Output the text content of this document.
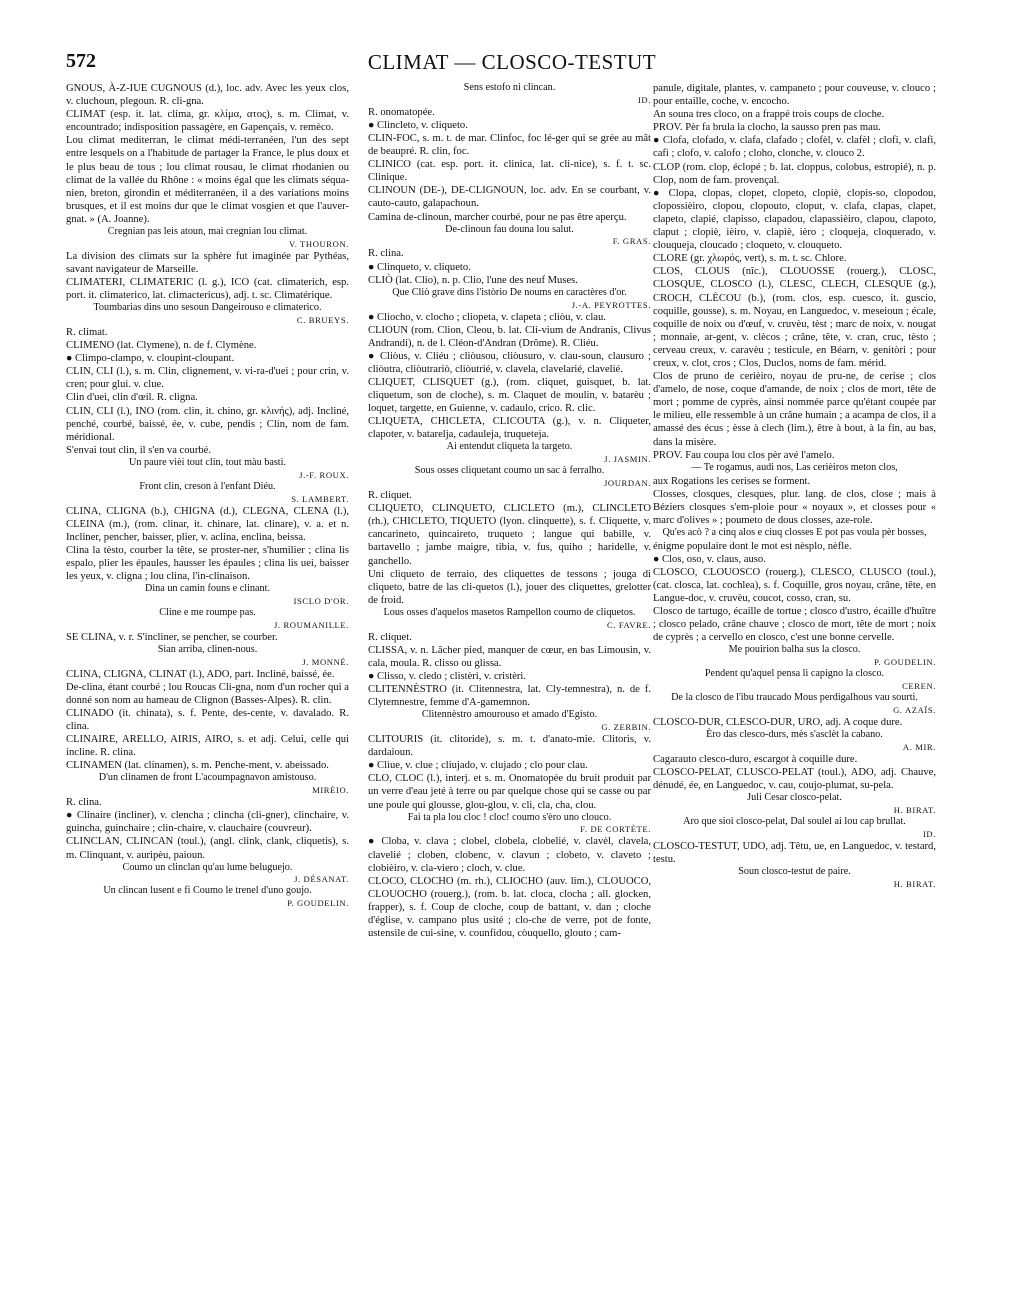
572	CLIMAT — CLOSCO-TESTUT

GNOUS, À-Z-IUE CUGNOUS (d.), loc. adv. Avec les yeux clos, v. cluchoun, plegoun. R. cli-gna.

CLIMAT (esp. it. lat. clima, gr. κλίμα, ατος), s. m. Climat, v. encountrado; indisposition passagère, en Gapençais, v. remèco.

Lou climat mediterran, le climat médi-terranéen, l'un des sept entre lesquels on a l'habitude de partager la France, le plus doux et le plus beau de tous ; lou climat rousau, le climat rhodanien ou climat de la vallée du Rhône : « moins égal que les climats séqua-nien, breton, girondin et méditerranéen, il a des variations moins brusques, et il est moins dur que le climat vosgien et que l'auver-gnat. » (A. Joanne).

Cregnian pas leis atoun, mai cregnian lou climat.

V. THOURON.

La division des climats sur la sphère fut imaginée par Pythéas, savant navigateur de Marseille.

CLIMATERI, CLIMATERIC (l. g.), ICO (cat. climaterich, esp. port. it. climaterico, lat. climactericus), adj. t. sc. Climatérique.

Toumbarias dins uno sesoun Dangeirouso e climaterico.

C. BRUEYS.

R. climat.

CLIMENO (lat. Clymene), n. de f. Clymène.

● Climpo-clampo, v. cloupint-cloupant.

CLIN, CLI (l.), s. m. Clin, clignement, v. vi-ra-d'uei ; pour crin, v. cren; pour glui. v. clue.

Clin d'uei, clin d'œil. R. cligna.

CLIN, CLI (l.), INO (rom. clin, it. chino, gr. κλινής), adj. Incliné, penché, courbé, baissé, ée, v. cube, pendis ; Clin, nom de fam. méridional.

S'envai tout clin, il s'en va courbé.

Un paure vièi tout clin, tout màu basti.

J.-F. ROUX.

Front clin, creson à l'enfant Diéu.

S. LAMBERT.

CLINA, CLIGNA (b.), CHIGNA (d.), CLEGNA, CLENA (l.), CLEINA (m.), (rom. clinar, it. chinare, lat. clinare), v. a. et n. Incliner, pencher, baisser, plier, v. aclina, enclina, beissa.

Clina la tèsto, courber la tête, se proster-ner, s'humilier ; clina lis espalo, plier les épaules, hausser les épaules ; clina lis uei, baisser les yeux, v. cligna ; lou clina, l'in-clinaison.

Dina un camin founs e clinant.

ISCLO D'OR.

Cline e me roumpe pas.

J. ROUMANILLE.

SE CLINA, v. r. S'incliner, se pencher, se courber.

Sian arriba, clinen-nous.

J. MONNÉ.

CLINA, CLIGNA, CLINAT (l.), ADO, part. Incliné, baissé, ée.

De-clina, étant courbé ; lou Roucas Cli-gna, nom d'un rocher qui a donné son nom au hameau de Clignon (Basses-Alpes). R. clin.

CLINADO (it. chinata), s. f. Pente, des-cente, v. davalado. R. clina.

CLINAIRE, ARELLO, AIRIS, AIRO, s. et adj. Celui, celle qui incline. R. clina.

CLINAMEN (lat. clinamen), s. m. Penche-ment, v. abeissado.

D'un clinamen de front L'acoumpagnavon amistouso.

MIRÈIO.

R. clina.

● Clinaire (incliner), v. clencha ; clincha (cli-gner), clinchaire, v. guincha, guinchaire ; clin-chaire, v. clauchaire (couvreur).

CLINCLAN, CLINCAN (toul.), (angl. clink, clank, cliquetis), s. m. Clinquant, v. auripèu, paioun.

Coumo un clinclan qu'au lume beluguejo.

J. DÉSANAT.

Un clincan lusent e fi Coumo le trenel d'uno goujo.

P. GOUDELIN.

Sens estofo ni clincan.

ID.

R. onomatopée.

● Clincleto, v. cliqueto.

CLIN-FOC, s. m. t. de mar. Clinfoc, foc lé-ger qui se grée au mât de beaupré. R. clin, foc.

CLINICO (cat. esp. port. it. clinica, lat. cli-nice), s. f. t. sc. Clinique.

CLINOUN (DE-), DE-CLIGNOUN, loc. adv. En se courbant, v. cauto-cauto, galapachoun.

Camina de-clinoun, marcher courbé, pour ne pas être aperçu.

De-clinoun fau douna lou salut.

F. GRAS.

R. clina.

● Clinqueto, v. cliqueto.

CLIÒ (lat. Clio), n. p. Clio, l'une des neuf Muses.

Que Cliò grave dins l'istòrio De noums en caractères d'or.

J.-A. PEYROTTES.

● Cliocho, v. clocho ; cliopeta, v. clapeta ; cliòu, v. clau.

CLIOUN (rom. Clion, Cleou, b. lat. Cli-vium de Andranis, Clivus Andrandi), n. de l. Cléon-d'Andran (Drôme). R. Cliéu.

● Cliòus, v. Cliéu ; cliòusou, cliòusuro, v. clau-soun, clausuro ; cliòutra, cliòutrariò, cliòutrié, v. clavela, clavelarié, clavelié.

CLIQUET, CLISQUET (g.), (rom. cliquet, guisquet, b. lat. cliquetum, son de cloche), s. m. Claquet de moulin, v. batarèu ; loquet, targette, en Guienne, v. cadaulo, crico. R. clic.

CLIQUETA, CHICLETA, CLICOUTA (g.), v. n. Cliqueter, clapoter, v. batarelja, cadauleja, truqueteja.

Ai entendut cliqueta la targeto.

J. JASMIN.

Sous osses cliquetant coumo un sac à ferralho.

JOURDAN.

R. cliquet.

CLIQUETO, CLINQUETO, CLICLETO (m.), CLINCLETO (rh.), CHICLETO, TIQUETO (lyon. clinquette), s. f. Cliquette, v. cancarineto, quincaireto, truqueto ; langue qui babille, v. bartavello ; jambe maigre, tibia, v. fus, quiho ; haridelle, v. ganchello.

Uni cliqueto de terraio, des cliquettes de tessons ; jouga di cliqueto, batre de las cli-quetos (l.), jouer des cliquettes, grelotter de froid.

Lous osses d'aquelos masetos Rampellon coumo de cliquetos.

C. FAVRE.

R. cliquet.

CLISSA, v. n. Lâcher pied, manquer de cœur, en bas Limousin, v. cala, moula. R. clisso ou glissa.

● Clisso, v. cledo ; clistèri, v. cristèri.

CLITENNÈSTRO (it. Clitennestra, lat. Cly-temnestra), n. de f. Clytemnestre, femme d'A-gamemnon.

Clitennèstro amourouso et amado d'Egisto.

G. ZERBIN.

CLITOURIS (it. clitoride), s. m. t. d'anato-mie. Clitoris, v. dardaioun.

● Cliue, v. clue ; cliujado, v. clujado ; clo pour clau.

CLO, CLOC (l.), interj. et s. m. Onomatopée du bruit produit par un verre d'eau jeté à terre ou par quelque chose qui se casse ou par une poule qui glousse, glou-glou, v. cli, cla, cha, clou.

Fai ta pla lou cloc ! cloc! coumo s'èro uno clouco.

F. DE CORTÈTE.

● Cloba, v. clava ; clobel, clobela, clobelié, v. clavèl, clavela, clavelié ; cloben, clobenc, v. clavun ; clobeto, v. claveto ; clobièiro, v. cla-viero ; cloch, v. clue.

CLOCO, CLOCHO (m. rh.), CLIOCHO (auv. lim.), CLOUOCO, CLOUOCHO (rouerg.), (rom. b. lat. cloca, clocha ; all. glocken, frapper), s. f. Coup de cloche, coup de battant, v. dan ; cloche d'église, v. campano plus usité ; clo-che de verre, pot de fonte, ustensile de cui-sine, v. counfidou, còuquello, glouto ; cam-

panule, digitale, plantes, v. campaneto ; pour couveuse, v. clouco ; pour entaille, coche, v. encocho.

An souna tres cloco, on a frappé trois coups de cloche.

PROV. Pèr fa brula la clocho, la sausso pren pas mau.

● Clofa, clofado, v. clafa, clafado ; clofèl, v. clafèl ; clofi, v. clafi, cafi ; clofo, v. calofo ; cloho, clonche, v. clouco 2.

CLOP (rom. clop, éclopé ; b. lat. cloppus, colobus, estropié), n. p. Clop, nom de fam. provençal.

● Clopa, clopas, clopet, clopeto, clopiè, clopis-so, clopodou, clopossièiro, clopou, clopouto, cloput, v. clafa, clapas, clapet, clapeto, clapié, clapisso, clapadou, clapassièiro, clapou, clapoto, claput ; clopiè, ièiro, v. clapiè, ièro ; cloqueja, cloquerado, v. clouqueja, cloucado ; cloqueto, v. clouqueto.

CLORE (gr. χλωρός, vert), s. m. t. sc. Chlore.

CLOS, CLOUS (nîc.), CLOUOSSE (rouerg.), CLOSC, CLOSQUE, CLOSCO (l.), CLESC, CLECH, CLESQUE (g.), CROCH, CLÈCOU (b.), (rom. clos, esp. cuesco, it. guscio, coquille, gousse), s. m. Noyau, en Languedoc, v. meseioun ; écale, coquille de noix ou d'œuf, v. cruvèu, tèst ; marc de noix, v. nougat ; monnaie, ar-gent, v. clècos ; crâne, tête, v. cran, cruc, tèsto ; cerveau creux, v. caravèu ; testicule, en Béarn, v. genitòri ; pour creux, v. clot, cros ; Clos, Duclos, noms de fam. mérid.

Clos de pruno de cerièiro, noyau de pru-ne, de cerise ; clos d'amelo, de nose, coque d'amande, de noix ; clos de mort, tête de mort ; pomme de cyprès, ainsi nommée parce qu'étant coupée par le milieu, elle ressemble à un crâne humain ; a acampa de clos, il a amassé des écus ; èsse à clech (lim.), être à bout, à la fin, au bas, dans la misère.

PROV. Fau coupa lou clos pèr avé l'amelo.

— Te rogamus, audi nos, Las cerièiros meton clos,

aux Rogations les cerises se forment.

Closses, closques, clesques, plur. lang. de clos, close ; mais à Béziers closques s'em-ploie pour « noyaux », et closses pour « marc d'olives » ; poumeto de dous closses, aze-role.

Qu'es acò ? a cinq alos e ciuq closses E pot pas voula pèr bosses,

énigme populaire dont le mot est nèsplo, nèfle.

● Clos, oso, v. claus, auso.

CLOSCO, CLOUOSCO (rouerg.), CLESCO, CLUSCO (toul.), (cat. closca, lat. cochlea), s. f. Coquille, gros noyau, crâne, tête, en Langue-doc, v. cruvèu, coucot, cosso, cran, su.

Closco de tartugo, écaille de tortue ; closco d'ustro, écaille d'huître ; closco pelado, crâne chauve ; closco de mort, tête de mort ; noix de cyprès ; a cervello en closco, c'est une bonne cervelle.

Me pouirion balha sus la closco.

P. GOUDELIN.

Pendent qu'aquel pensa li capigno la closco.

CEREN.

De la closco de l'ibu traucado Mous perdigalhous vau sourti.

G. AZAÏS.

CLOSCO-DUR, CLESCO-DUR, URO, adj. A coque dure.

Èro das clesco-durs, mès s'asclèt la cabano.

A. MIR.

Cagarauto clesco-duro, escargot à coquille dure.

CLOSCO-PELAT, CLUSCO-PELAT (toul.), ADO, adj. Chauve, dénudé, ée, en Languedoc, v. cau, coujo-plumat, su-pela.

Juli Cesar closco-pelat.

H. BIRAT.

Aro que sioi closco-pelat, Dal soulel ai lou cap brullat.

ID.

CLOSCO-TESTUT, UDO, adj. Têtu, ue, en Languedoc, v. testard, testu.

Soun closco-testut de paire.

H. BIRAT.
